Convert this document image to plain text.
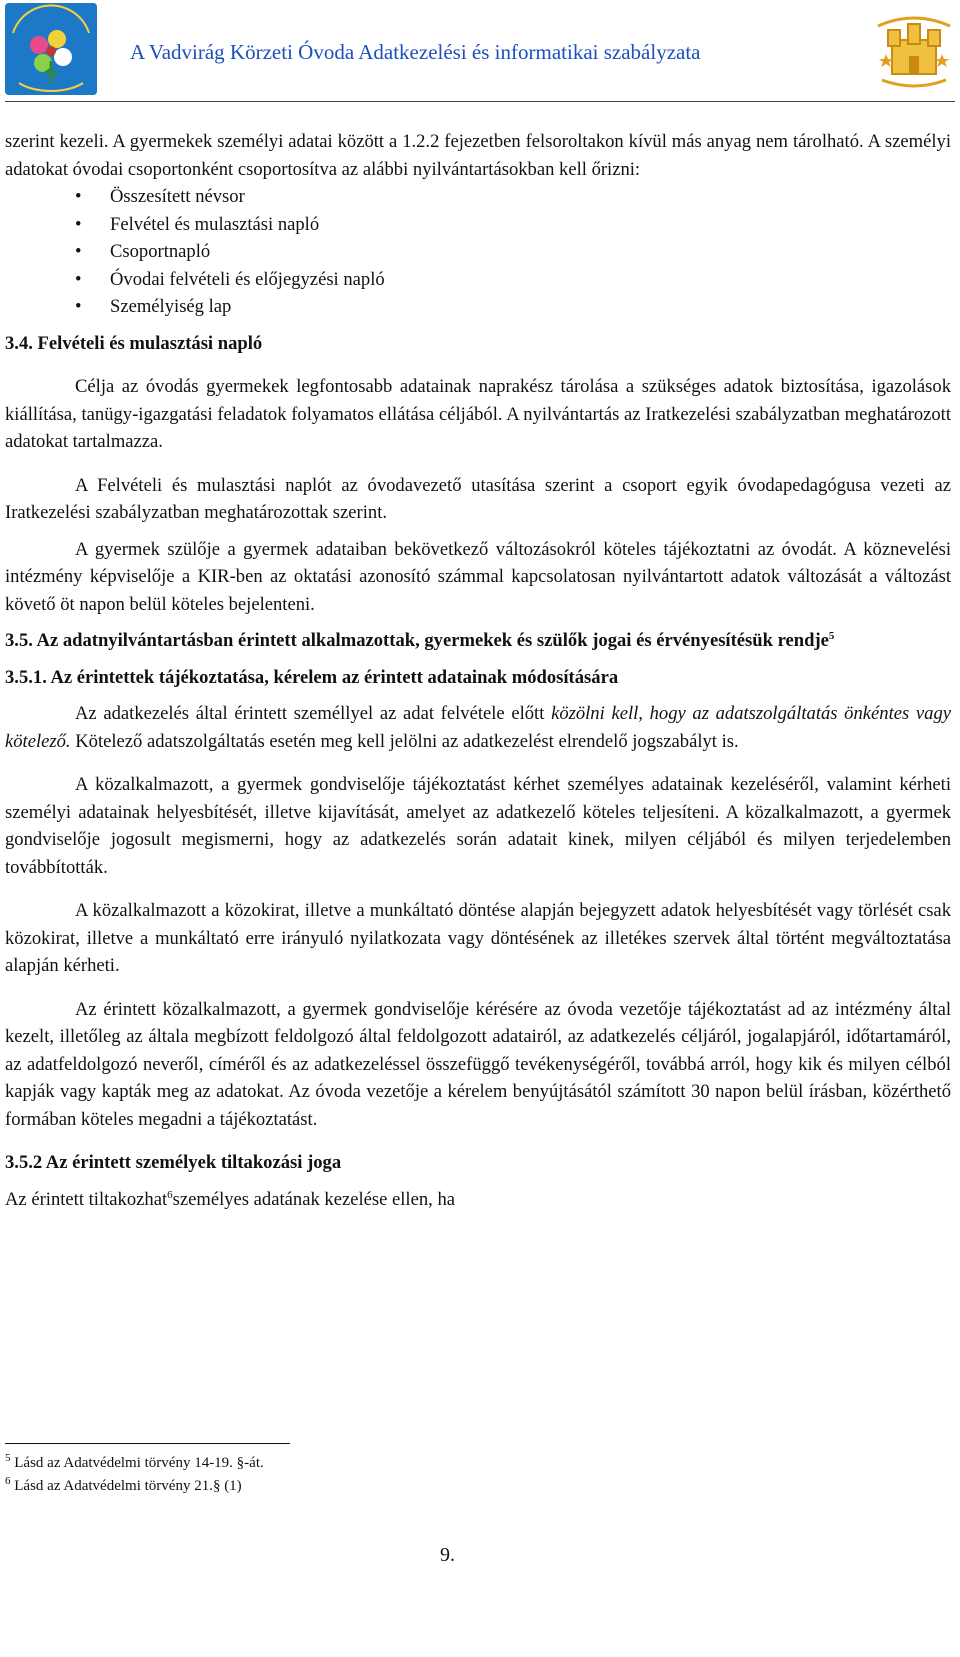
A Vadvirág Körzeti Óvoda Adatkezelési és informatikai szabályzata

szerint kezeli. A gyermekek személyi adatai között a 1.2.2 fejezetben felsoroltakon kívül más anyag nem tárolható. A személyi adatokat óvodai csoportonként csoportosítva az alábbi nyilvántartásokban kell őrizni:

• Összesített névsor
• Felvétel és mulasztási napló
• Csoportnapló
• Óvodai felvételi és előjegyzési napló
• Személyiség lap
3.4. Felvételi és mulasztási napló

Célja az óvodás gyermekek legfontosabb adatainak naprakész tárolása a szükséges adatok biztosítása, igazolások kiállítása, tanügy-igazgatási feladatok folyamatos ellátása céljából. A nyilvántartás az Iratkezelési szabályzatban meghatározott adatokat tartalmazza.

A Felvételi és mulasztási naplót az óvodavezető utasítása szerint a csoport egyik óvodapedagógusa vezeti az Iratkezelési szabályzatban meghatározottak szerint.

A gyermek szülője a gyermek adataiban bekövetkező változásokról köteles tájékoztatni az óvodát. A köznevelési intézmény képviselője a KIR-ben az oktatási azonosító számmal kapcsolatosan nyilvántartott adatok változását a változást követő öt napon belül köteles bejelenteni.

3.5. Az adatnyilvántartásban érintett alkalmazottak, gyermekek és szülők jogai és érvényesítésük rendje$^5$
3.5.1. Az érintettek tájékoztatása, kérelem az érintett adatainak módosítására

Az adatkezelés által érintett személlyel az adat felvétele előtt közölni kell, hogy az adatszolgáltatás önkéntes vagy kötelező. Kötelező adatszolgáltatás esetén meg kell jelölni az adatkezelést elrendelő jogszabályt is.

A közalkalmazott, a gyermek gondviselője tájékoztatást kérhet személyes adatainak kezeléséről, valamint kérheti személyi adatainak helyesbítését, illetve kijavítását, amelyet az adatkezelő köteles teljesíteni. A közalkalmazott, a gyermek gondviselője jogosult megismerni, hogy az adatkezelés során adatait kinek, milyen céljából és milyen terjedelemben továbbították.

A közalkalmazott a közokirat, illetve a munkáltató döntése alapján bejegyzett adatok helyesbítését vagy törlését csak közokirat, illetve a munkáltató erre irányuló nyilatkozata vagy döntésének az illetékes szervek által történt megváltoztatása alapján kérheti.

Az érintett közalkalmazott, a gyermek gondviselője kérésére az óvoda vezetője tájékoztatást ad az intézmény által kezelt, illetőleg az általa megbízott feldolgozó által feldolgozott adatairól, az adatkezelés céljáról, jogalapjáról, időtartamáról, az adatfeldolgozó neveről, címéről és az adatkezeléssel összefüggő tevékenységéről, továbbá arról, hogy kik és milyen célból kapják vagy kapták meg az adatokat. Az óvoda vezetője a kérelem benyújtásától számított 30 napon belül írásban, közérthető formában köteles megadni a tájékoztatást.

3.5.2 Az érintett személyek tiltakozási joga

Az érintett tiltakozhat$^6$személyes adatának kezelése ellen, ha

$^5$ Lásd az Adatvédelmi törvény 14-19. §-át.
$^6$ Lásd az Adatvédelmi törvény 21.§ (1)
9.
